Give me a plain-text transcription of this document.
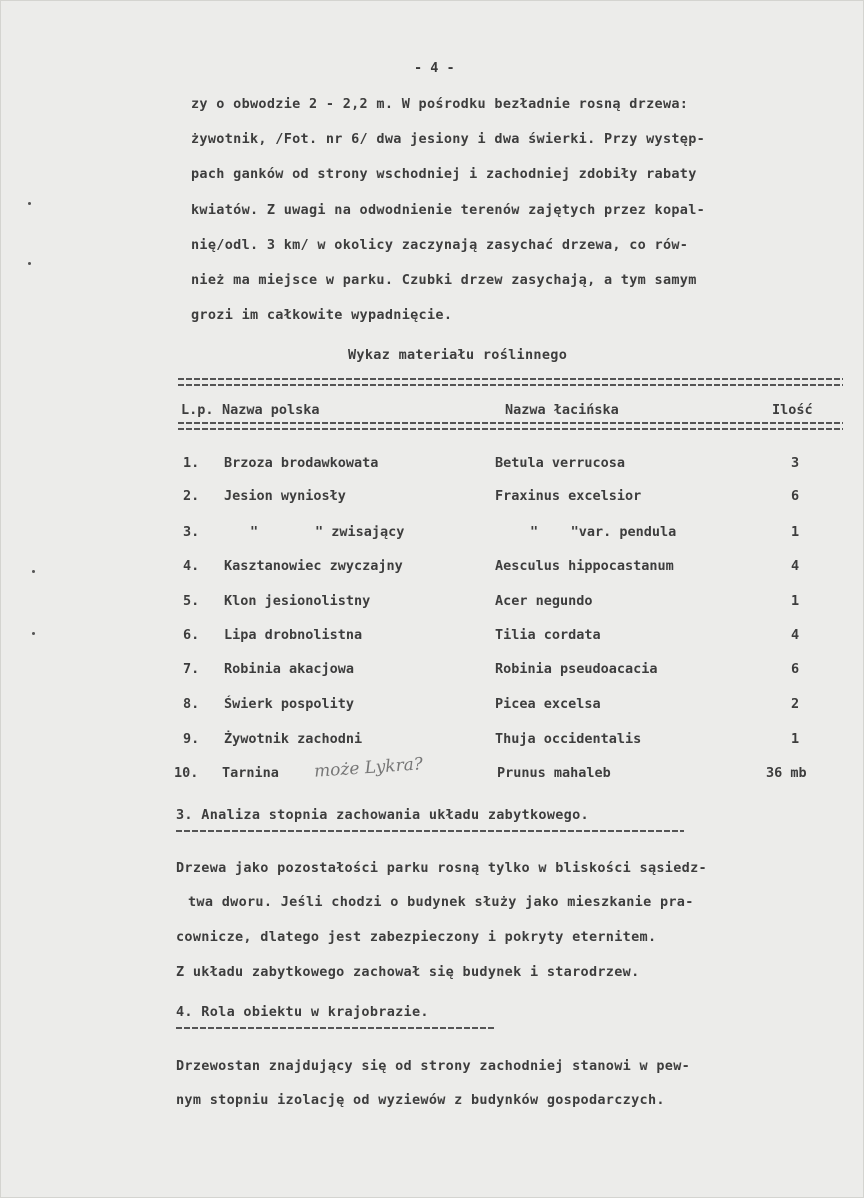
- 4 -
zy o obwodzie 2 - 2,2 m. W pośrodku bezładnie rosną drzewa:
żywotnik, /Fot. nr 6/ dwa jesiony i dwa świerki. Przy występ-
pach ganków od strony wschodniej i zachodniej zdobiły rabaty
kwiatów. Z uwagi na odwodnienie terenów zajętych przez kopal-
nię/odl. 3 km/ w okolicy zaczynają zasychać drzewa, co rów-
nież ma miejsce w parku. Czubki drzew zasychają, a tym samym
grozi im całkowite wypadnięcie.
Wykaz materiału roślinnego
L.p. Nazwa polska	Nazwa łacińska	Ilość
1. Brzoza brodawkowata	Betula verrucosa	3
2. Jesion wyniosły	Fraxinus excelsior	6
3.	"       " zwisający	"    "var. pendula	1
4. Kasztanowiec zwyczajny	Aesculus hippocastanum	4
5. Klon jesionolistny	Acer negundo	1
6. Lipa drobnolistna	Tilia cordata	4
7. Robinia akacjowa	Robinia pseudoacacia	6
8. Świerk pospolity	Picea excelsa	2
9. Żywotnik zachodni	Thuja occidentalis	1
10. Tarnina może Lykra?	Prunus mahaleb	36 mb
3. Analiza stopnia zachowania układu zabytkowego.
Drzewa jako pozostałości parku rosną tylko w bliskości sąsiedz-
twa dworu. Jeśli chodzi o budynek służy jako mieszkanie pra-
cownicze, dlatego jest zabezpieczony i pokryty eternitem.
Z układu zabytkowego zachował się budynek i starodrzew.
4. Rola obiektu w krajobrazie.
Drzewostan znajdujący się od strony zachodniej stanowi w pew-
nym stopniu izolację od wyziewów z budynków gospodarczych.
